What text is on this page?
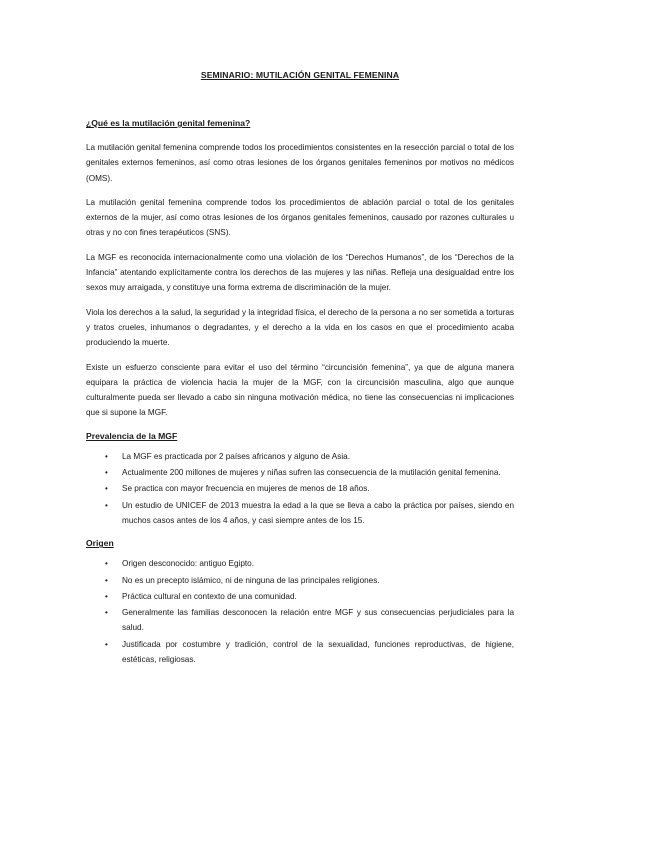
SEMINARIO: MUTILACIÓN GENITAL FEMENINA
¿Qué es la mutilación genital femenina?

La mutilación genital femenina comprende todos los procedimientos consistentes en la resección parcial o total de los genitales externos femeninos, así como otras lesiones de los órganos genitales femeninos por motivos no médicos (OMS).

La mutilación genital femenina comprende todos los procedimientos de ablación parcial o total de los genitales externos de la mujer, así como otras lesiones de los órganos genitales femeninos, causado por razones culturales u otras y no con fines terapéuticos (SNS).

La MGF es reconocida internacionalmente como una violación de los “Derechos Humanos”, de los “Derechos de la Infancia” atentando explícitamente contra los derechos de las mujeres y las niñas. Refleja una desigualdad entre los sexos muy arraigada, y constituye una forma extrema de discriminación de la mujer.

Viola los derechos a la salud, la seguridad y la integridad física, el derecho de la persona a no ser sometida a torturas y tratos crueles, inhumanos o degradantes, y el derecho a la vida en los casos en que el procedimiento acaba produciendo la muerte.

Existe un esfuerzo consciente para evitar el uso del término “circuncisión femenina”, ya que de alguna manera equipara la práctica de violencia hacia la mujer de la MGF, con la circuncisión masculina, algo que aunque culturalmente pueda ser llevado a cabo sin ninguna motivación médica, no tiene las consecuencias ni implicaciones que si supone la MGF.

Prevalencia de la MGF
• La MGF es practicada por 2 países africanos y alguno de Asia.
• Actualmente 200 millones de mujeres y niñas sufren las consecuencia de la mutilación genital femenina.
• Se practica con mayor frecuencia en mujeres de menos de 18 años.
• Un estudio de UNICEF de 2013 muestra la edad a la que se lleva a cabo la práctica por países, siendo en muchos casos antes de los 4 años, y casi siempre antes de los 15.
Origen
• Origen desconocido: antiguo Egipto.
• No es un precepto islámico, ni de ninguna de las principales religiones.
• Práctica cultural en contexto de una comunidad.
• Generalmente las familias desconocen la relación entre MGF y sus consecuencias perjudiciales para la salud.
• Justificada por costumbre y tradición, control de la sexualidad, funciones reproductivas, de higiene, estéticas, religiosas.
